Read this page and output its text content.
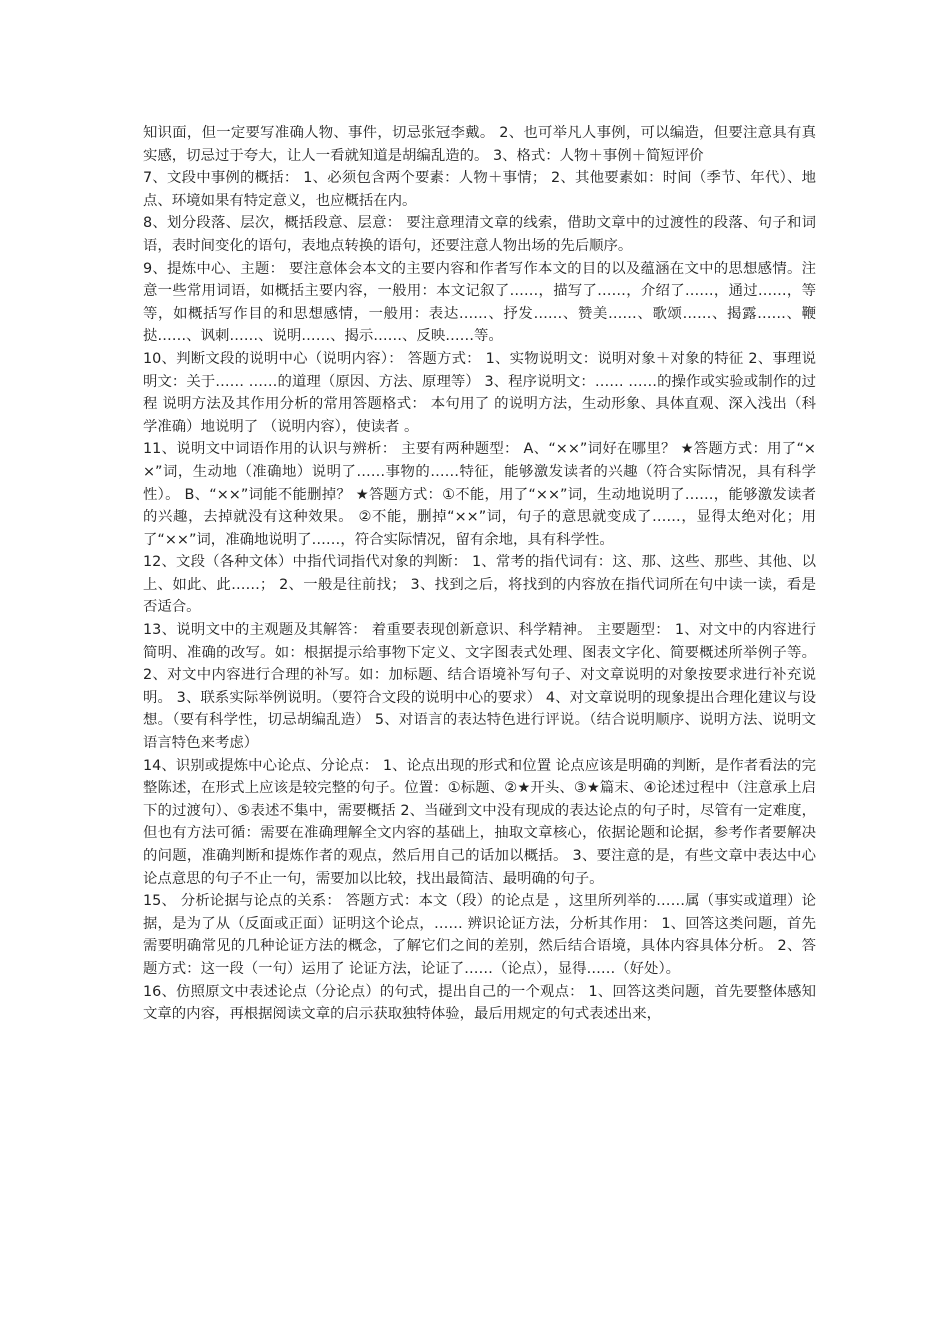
知识面，但一定要写准确人物、事件，切忌张冠李戴。 2、也可举凡人事例，可以编造，但要注意具有真实感，切忌过于夸大，让人一看就知道是胡编乱造的。 3、格式：人物＋事例＋简短评价

7、文段中事例的概括： 1、必须包含两个要素：人物＋事情； 2、其他要素如：时间（季节、年代）、地点、环境如果有特定意义，也应概括在内。

8、划分段落、层次，概括段意、层意： 要注意理清文章的线索，借助文章中的过渡性的段落、句子和词语，表时间变化的语句，表地点转换的语句，还要注意人物出场的先后顺序。

9、提炼中心、主题： 要注意体会本文的主要内容和作者写作本文的目的以及蕴涵在文中的思想感情。注意一些常用词语，如概括主要内容，一般用：本文记叙了……，描写了……，介绍了……，通过……，等等，如概括写作目的和思想感情，一般用：表达……、抒发……、赞美……、歌颂……、揭露……、鞭挞……、讽刺……、说明……、揭示……、反映……等。

10、判断文段的说明中心（说明内容）： 答题方式： 1、实物说明文：说明对象＋对象的特征 2、事理说明文：关于…… ……的道理（原因、方法、原理等） 3、程序说明文：…… ……的操作或实验或制作的过程 说明方法及其作用分析的常用答题格式： 本句用了 的说明方法，生动形象、具体直观、深入浅出（科学准确）地说明了 （说明内容），使读者 。

11、说明文中词语作用的认识与辨析： 主要有两种题型： A、“××”词好在哪里？ ★答题方式：用了“××”词，生动地（准确地）说明了……事物的……特征，能够激发读者的兴趣（符合实际情况，具有科学性）。 B、“××”词能不能删掉？ ★答题方式：①不能，用了“××”词，生动地说明了……，能够激发读者的兴趣，去掉就没有这种效果。 ②不能，删掉“××”词，句子的意思就变成了……，显得太绝对化；用了“××”词，准确地说明了……，符合实际情况，留有余地，具有科学性。

12、文段（各种文体）中指代词指代对象的判断： 1、常考的指代词有：这、那、这些、那些、其他、以上、如此、此……； 2、一般是往前找； 3、找到之后，将找到的内容放在指代词所在句中读一读，看是否适合。

13、说明文中的主观题及其解答： 着重要表现创新意识、科学精神。 主要题型： 1、对文中的内容进行简明、准确的改写。如：根据提示给事物下定义、文字图表式处理、图表文字化、简要概述所举例子等。 2、对文中内容进行合理的补写。如：加标题、结合语境补写句子、对文章说明的对象按要求进行补充说明。 3、联系实际举例说明。（要符合文段的说明中心的要求） 4、对文章说明的现象提出合理化建议与设想。（要有科学性，切忌胡编乱造） 5、对语言的表达特色进行评说。（结合说明顺序、说明方法、说明文语言特色来考虑）

14、识别或提炼中心论点、分论点： 1、论点出现的形式和位置 论点应该是明确的判断，是作者看法的完整陈述，在形式上应该是较完整的句子。位置：①标题、②★开头、③★篇末、④论述过程中（注意承上启下的过渡句）、⑤表述不集中，需要概括 2、当碰到文中没有现成的表达论点的句子时，尽管有一定难度，但也有方法可循：需要在准确理解全文内容的基础上，抽取文章核心，依据论题和论据，参考作者要解决的问题，准确判断和提炼作者的观点，然后用自己的话加以概括。 3、要注意的是，有些文章中表达中心论点意思的句子不止一句，需要加以比较，找出最简洁、最明确的句子。

15、 分析论据与论点的关系： 答题方式：本文（段）的论点是 ，这里所列举的……属（事实或道理）论据，是为了从（反面或正面）证明这个论点，…… 辨识论证方法，分析其作用： 1、回答这类问题，首先需要明确常见的几种论证方法的概念，了解它们之间的差别，然后结合语境，具体内容具体分析。 2、答题方式：这一段（一句）运用了 论证方法，论证了……（论点），显得……（好处）。

16、仿照原文中表述论点（分论点）的句式，提出自己的一个观点： 1、回答这类问题，首先要整体感知文章的内容，再根据阅读文章的启示获取独特体验，最后用规定的句式表述出来，
